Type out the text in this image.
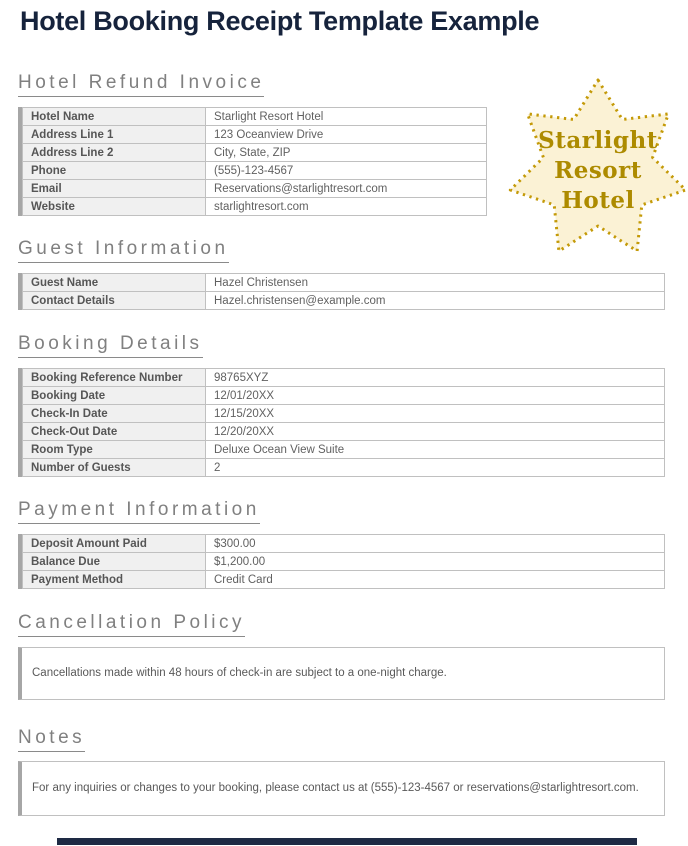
Hotel Booking Receipt Template Example
Hotel Refund Invoice
Hotel Name	Starlight Resort Hotel
Address Line 1	123 Oceanview Drive
Address Line 2	City, State, ZIP
Phone	(555)-123-4567
Email	Reservations@starlightresort.com
Website	starlightresort.com
Guest Information
Guest Name	Hazel Christensen
Contact Details	Hazel.christensen@example.com
Booking Details
Booking Reference Number	98765XYZ
Booking Date	12/01/20XX
Check-In Date	12/15/20XX
Check-Out Date	12/20/20XX
Room Type	Deluxe Ocean View Suite
Number of Guests	2
Payment Information
Deposit Amount Paid	$300.00
Balance Due	$1,200.00
Payment Method	Credit Card
Cancellation Policy
Cancellations made within 48 hours of check-in are subject to a one-night charge.
Notes
For any inquiries or changes to your booking, please contact us at (555)-123-4567 or reservations@starlightresort.com.
Starlight
Resort
Hotel
